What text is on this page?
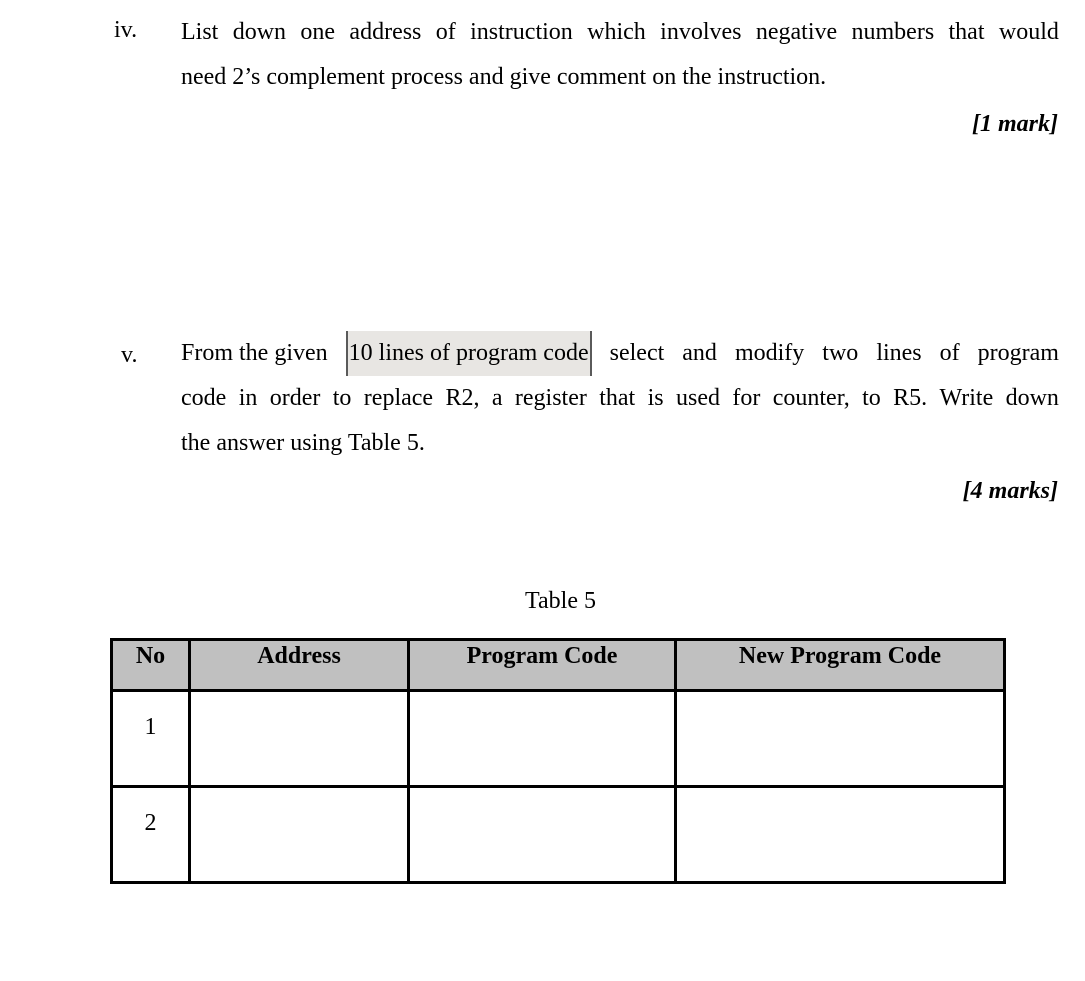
iv. List down one address of instruction which involves negative numbers that would
need 2’s complement process and give comment on the instruction.
[1 mark]
v. From the given 10 lines of program code select and modify two lines of program
code in order to replace R2, a register that is used for counter, to R5. Write down
the answer using Table 5.
[4 marks]
Table 5
No	Address	Program Code	New Program Code
1			
2			
